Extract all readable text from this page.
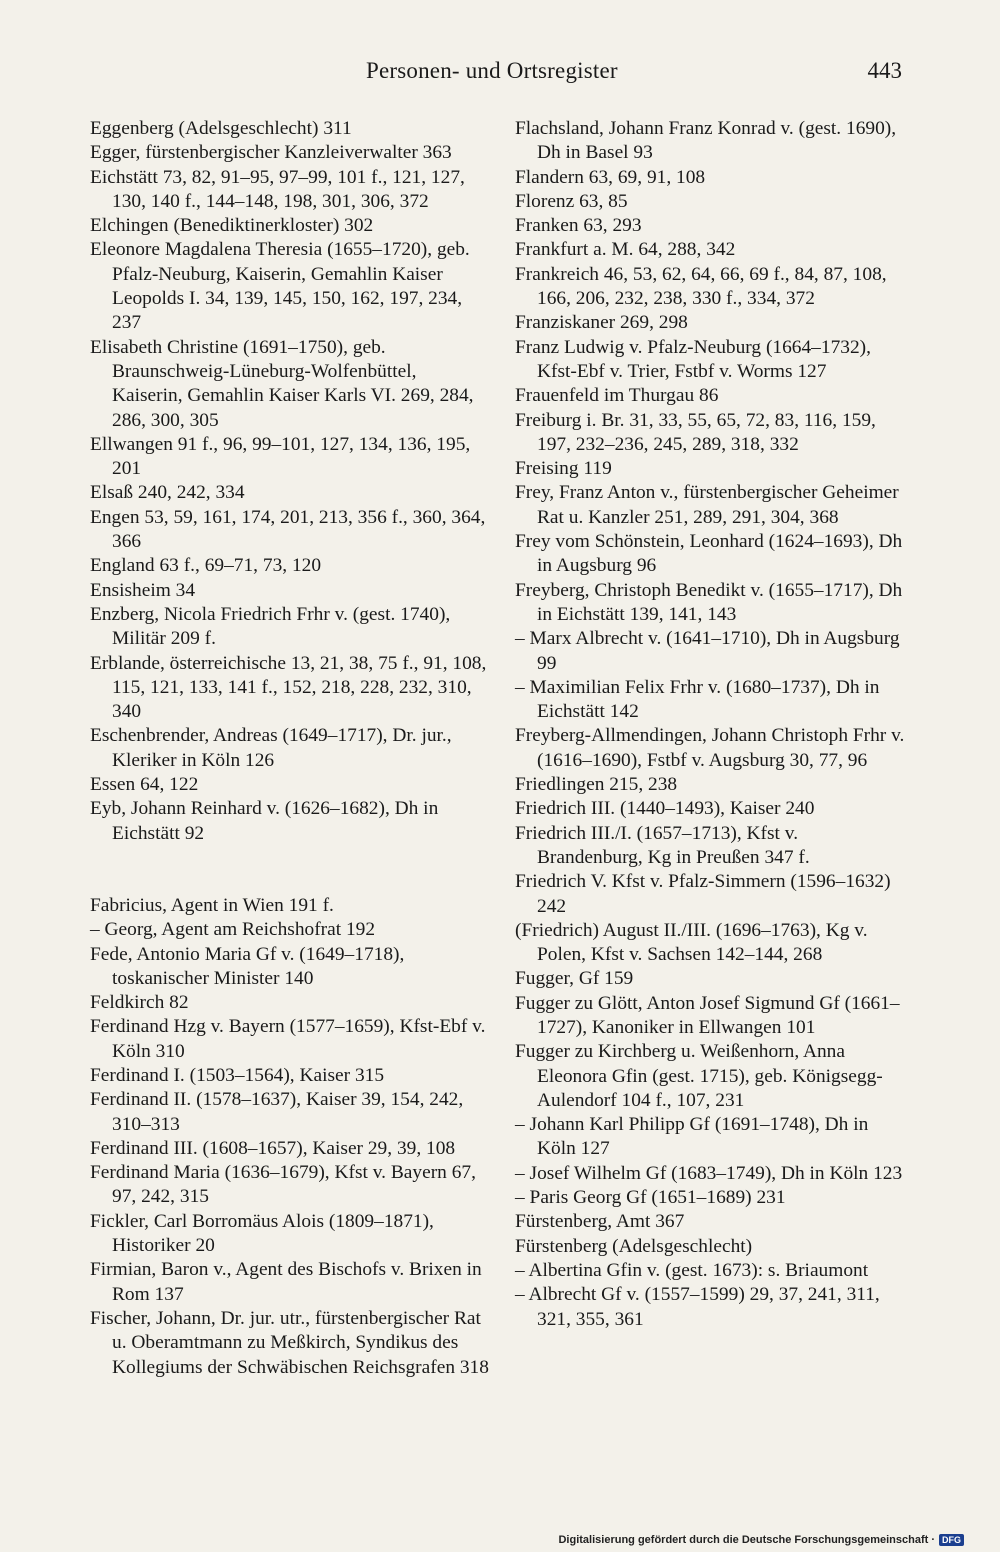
Personen- und Ortsregister	443

Eggenberg (Adelsgeschlecht) 311

Egger, fürstenbergischer Kanzleiverwalter 363

Eichstätt 73, 82, 91–95, 97–99, 101 f., 121, 127, 130, 140 f., 144–148, 198, 301, 306, 372

Elchingen (Benediktinerkloster) 302

Eleonore Magdalena Theresia (1655–1720), geb. Pfalz-Neuburg, Kaiserin, Gemahlin Kaiser Leopolds I. 34, 139, 145, 150, 162, 197, 234, 237

Elisabeth Christine (1691–1750), geb. Braunschweig-Lüneburg-Wolfenbüttel, Kaiserin, Gemahlin Kaiser Karls VI. 269, 284, 286, 300, 305

Ellwangen 91 f., 96, 99–101, 127, 134, 136, 195, 201

Elsaß 240, 242, 334

Engen 53, 59, 161, 174, 201, 213, 356 f., 360, 364, 366

England 63 f., 69–71, 73, 120

Ensisheim 34

Enzberg, Nicola Friedrich Frhr v. (gest. 1740), Militär 209 f.

Erblande, österreichische 13, 21, 38, 75 f., 91, 108, 115, 121, 133, 141 f., 152, 218, 228, 232, 310, 340

Eschenbrender, Andreas (1649–1717), Dr. jur., Kleriker in Köln 126

Essen 64, 122

Eyb, Johann Reinhard v. (1626–1682), Dh in Eichstätt 92

Fabricius, Agent in Wien 191 f.

– Georg, Agent am Reichshofrat 192

Fede, Antonio Maria Gf v. (1649–1718), toskanischer Minister 140

Feldkirch 82

Ferdinand Hzg v. Bayern (1577–1659), Kfst-Ebf v. Köln 310

Ferdinand I. (1503–1564), Kaiser 315

Ferdinand II. (1578–1637), Kaiser 39, 154, 242, 310–313

Ferdinand III. (1608–1657), Kaiser 29, 39, 108

Ferdinand Maria (1636–1679), Kfst v. Bayern 67, 97, 242, 315

Fickler, Carl Borromäus Alois (1809–1871), Historiker 20

Firmian, Baron v., Agent des Bischofs v. Brixen in Rom 137

Fischer, Johann, Dr. jur. utr., fürstenbergischer Rat u. Oberamtmann zu Meßkirch, Syndikus des Kollegiums der Schwäbischen Reichsgrafen 318

Flachsland, Johann Franz Konrad v. (gest. 1690), Dh in Basel 93

Flandern 63, 69, 91, 108

Florenz 63, 85

Franken 63, 293

Frankfurt a. M. 64, 288, 342

Frankreich 46, 53, 62, 64, 66, 69 f., 84, 87, 108, 166, 206, 232, 238, 330 f., 334, 372

Franziskaner 269, 298

Franz Ludwig v. Pfalz-Neuburg (1664–1732), Kfst-Ebf v. Trier, Fstbf v. Worms 127

Frauenfeld im Thurgau 86

Freiburg i. Br. 31, 33, 55, 65, 72, 83, 116, 159, 197, 232–236, 245, 289, 318, 332

Freising 119

Frey, Franz Anton v., fürstenbergischer Geheimer Rat u. Kanzler 251, 289, 291, 304, 368

Frey vom Schönstein, Leonhard (1624–1693), Dh in Augsburg 96

Freyberg, Christoph Benedikt v. (1655–1717), Dh in Eichstätt 139, 141, 143

– Marx Albrecht v. (1641–1710), Dh in Augsburg 99

– Maximilian Felix Frhr v. (1680–1737), Dh in Eichstätt 142

Freyberg-Allmendingen, Johann Christoph Frhr v. (1616–1690), Fstbf v. Augsburg 30, 77, 96

Friedlingen 215, 238

Friedrich III. (1440–1493), Kaiser 240

Friedrich III./I. (1657–1713), Kfst v. Brandenburg, Kg in Preußen 347 f.

Friedrich V. Kfst v. Pfalz-Simmern (1596–1632) 242

(Friedrich) August II./III. (1696–1763), Kg v. Polen, Kfst v. Sachsen 142–144, 268

Fugger, Gf 159

Fugger zu Glött, Anton Josef Sigmund Gf (1661–1727), Kanoniker in Ellwangen 101

Fugger zu Kirchberg u. Weißenhorn, Anna Eleonora Gfin (gest. 1715), geb. Königsegg-Aulendorf 104 f., 107, 231

– Johann Karl Philipp Gf (1691–1748), Dh in Köln 127

– Josef Wilhelm Gf (1683–1749), Dh in Köln 123

– Paris Georg Gf (1651–1689) 231

Fürstenberg, Amt 367

Fürstenberg (Adelsgeschlecht)

– Albertina Gfin v. (gest. 1673): s. Briaumont

– Albrecht Gf v. (1557–1599) 29, 37, 241, 311, 321, 355, 361

Digitalisierung gefördert durch die Deutsche Forschungsgemeinschaft · DFG
